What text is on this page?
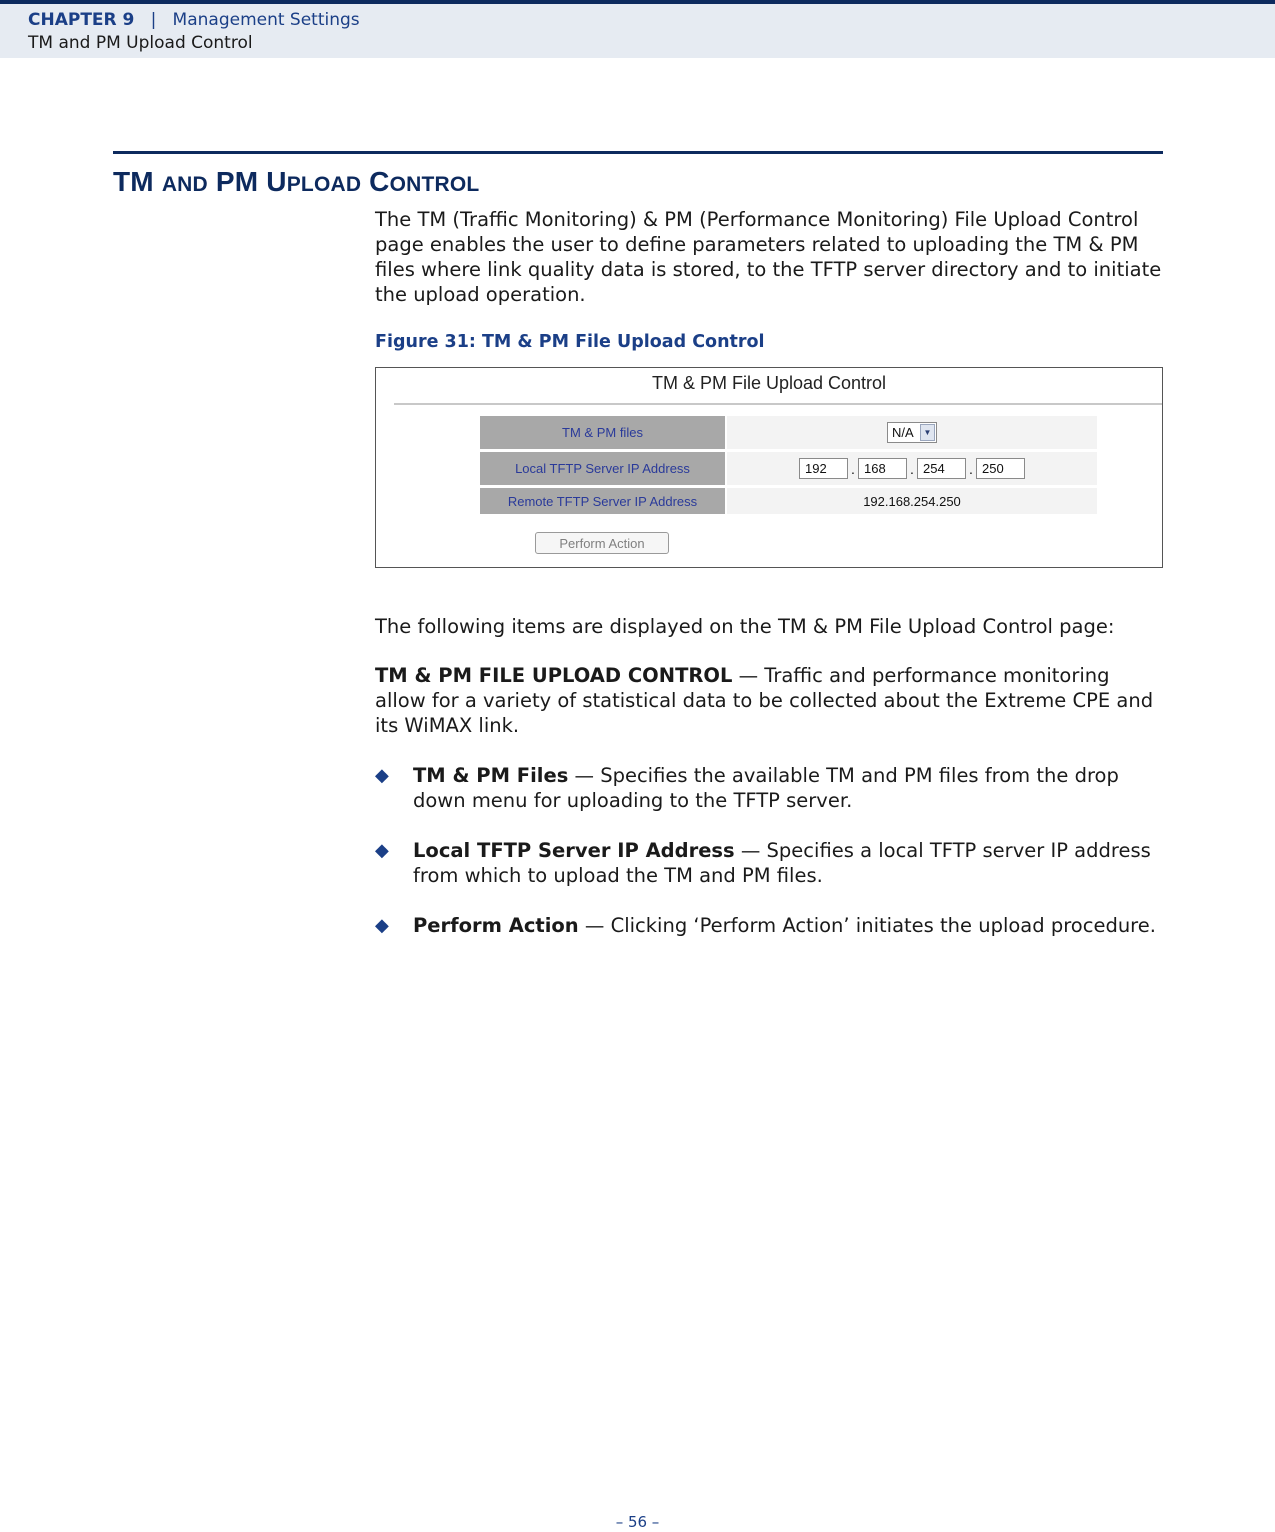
CHAPTER 9 | Management Settings
TM and PM Upload Control
TM AND PM UPLOAD CONTROL
The TM (Traffic Monitoring) & PM (Performance Monitoring) File Upload Control page enables the user to define parameters related to uploading the TM & PM files where link quality data is stored, to the TFTP server directory and to initiate the upload operation.
Figure 31: TM & PM File Upload Control
TM & PM File Upload Control
TM & PM files	N/A	▼
Local TFTP Server IP Address	192	. 168	. 254	. 250
Remote TFTP Server IP Address	192.168.254.250
Perform Action
The following items are displayed on the TM & PM File Upload Control page:
TM & PM FILE UPLOAD CONTROL — Traffic and performance monitoring allow for a variety of statistical data to be collected about the Extreme CPE and its WiMAX link.
◆ TM & PM Files — Specifies the available TM and PM files from the drop down menu for uploading to the TFTP server.
◆ Local TFTP Server IP Address — Specifies a local TFTP server IP address from which to upload the TM and PM files.
◆ Perform Action — Clicking ‘Perform Action’ initiates the upload procedure.
– 56 –
